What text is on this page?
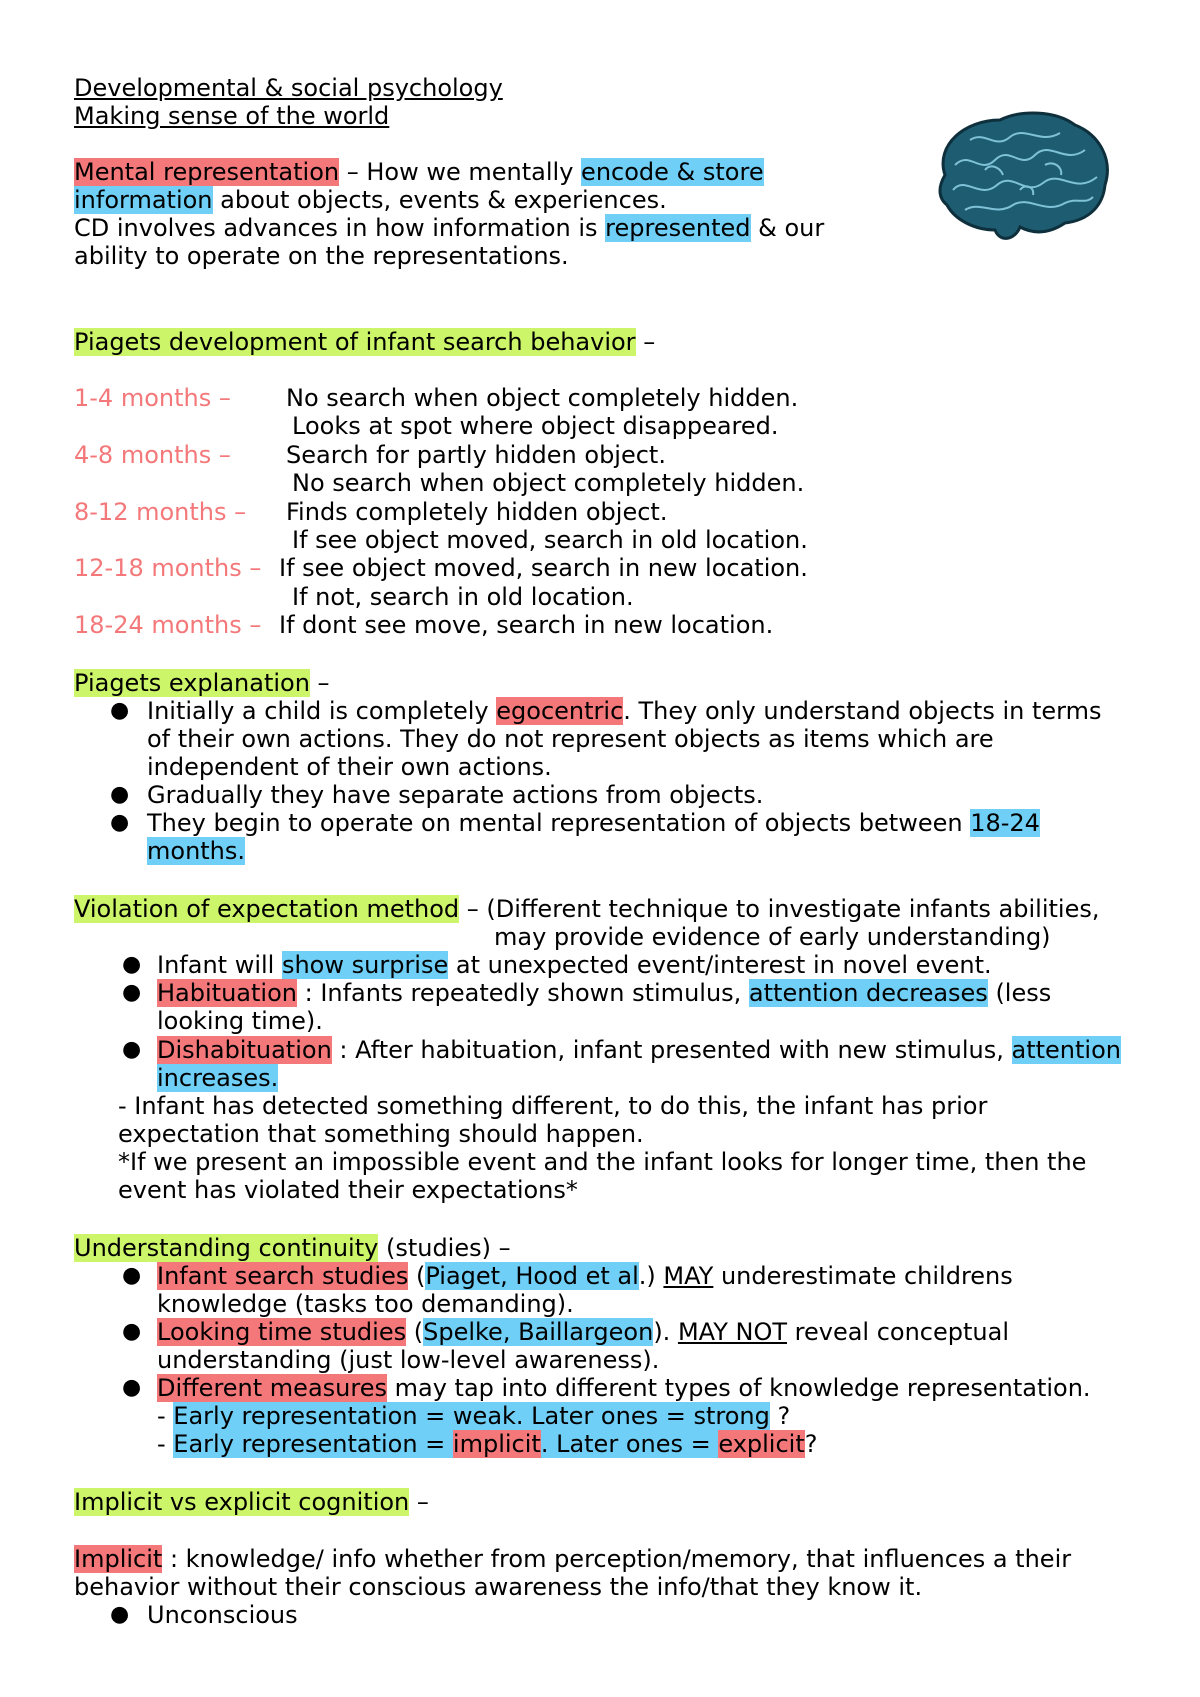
Developmental & social psychology
Making sense of the world
Mental representation – How we mentally encode & store
information about objects, events & experiences.
CD involves advances in how information is represented & our
ability to operate on the representations.
Piagets development of infant search behavior –
1-4 months – No search when object completely hidden.
Looks at spot where object disappeared.
4-8 months – Search for partly hidden object.
No search when object completely hidden.
8-12 months – Finds completely hidden object.
If see object moved, search in old location.
12-18 months – If see object moved, search in new location.
If not, search in old location.
18-24 months – If dont see move, search in new location.
Piagets explanation –
● Initially a child is completely egocentric. They only understand objects in terms
of their own actions. They do not represent objects as items which are
independent of their own actions.
● Gradually they have separate actions from objects.
● They begin to operate on mental representation of objects between 18-24
months.
Violation of expectation method – (Different technique to investigate infants abilities,
may provide evidence of early understanding)
● Infant will show surprise at unexpected event/interest in novel event.
● Habituation : Infants repeatedly shown stimulus, attention decreases (less
looking time).
● Dishabituation : After habituation, infant presented with new stimulus, attention
increases.
- Infant has detected something different, to do this, the infant has prior
expectation that something should happen.
*If we present an impossible event and the infant looks for longer time, then the
event has violated their expectations*
Understanding continuity (studies) –
● Infant search studies (Piaget, Hood et al.) MAY underestimate childrens
knowledge (tasks too demanding).
● Looking time studies (Spelke, Baillargeon). MAY NOT reveal conceptual
understanding (just low-level awareness).
● Different measures may tap into different types of knowledge representation.
- Early representation = weak. Later ones = strong ?
- Early representation = implicit. Later ones = explicit?
Implicit vs explicit cognition –
Implicit : knowledge/ info whether from perception/memory, that influences a their
behavior without their conscious awareness the info/that they know it.
● Unconscious
